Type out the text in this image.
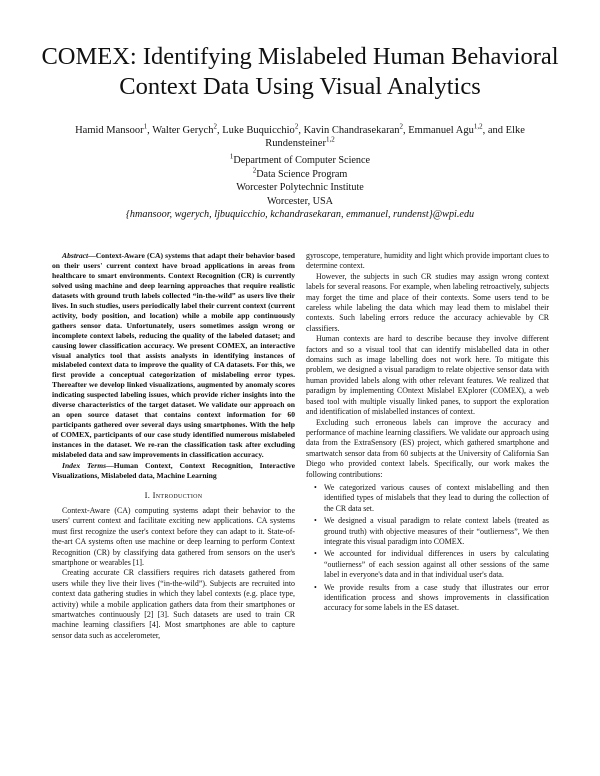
COMEX: Identifying Mislabeled Human Behavioral Context Data Using Visual Analytics
Hamid Mansoor$^1$, Walter Gerych$^2$, Luke Buquicchio$^2$, Kavin Chandrasekaran$^2$, Emmanuel Agu$^{1,2}$, and Elke Rundensteiner$^{1,2}$
$^1$Department of Computer Science
$^2$Data Science Program
Worcester Polytechnic Institute
Worcester, USA
{hmansoor, wgerych, ljbuquicchio, kchandrasekaran, emmanuel, rundenst}@wpi.edu

Abstract—Context-Aware (CA) systems that adapt their behavior based on their users' current context have broad applications in areas from healthcare to smart environments. Context Recognition (CR) is currently solved using machine and deep learning approaches that require realistic datasets with ground truth labels collected “in-the-wild” as users live their lives. In such studies, users periodically label their current context (current activity, body position, and location) while a mobile app continuously gathers sensor data. Unfortunately, users sometimes assign wrong or incomplete context labels, reducing the quality of the labeled dataset; and causing lower classification accuracy. We present COMEX, an interactive visual analytics tool that assists analysts in identifying instances of mislabeled context data to improve the quality of CA datasets. For this, we first provide a conceptual categorization of mislabeling error types. Thereafter we develop linked visualizations, augmented by anomaly scores indicating suspected labeling issues, which provide richer insights into the diverse characteristics of the target dataset. We validate our approach on an open source dataset that contains context information for 60 participants gathered over several days using smartphones. With the help of COMEX, participants of our case study identified numerous mislabeled instances in the dataset. We re-ran the classification task after excluding mislabeled data and saw improvements in classification accuracy.

Index Terms—Human Context, Context Recognition, Interactive Visualizations, Mislabeled data, Machine Learning

I. Introduction

Context-Aware (CA) computing systems adapt their behavior to the users' current context and facilitate exciting new applications. CA systems must first recognize the user's context before they can adapt to it. State-of-the-art CA systems often use machine or deep learning to perform Context Recognition (CR) by classifying data gathered from sensors on the user's smartphone or wearables [1].

Creating accurate CR classifiers requires rich datasets gathered from users while they live their lives (“in-the-wild”). Subjects are recruited into context data gathering studies in which they label contexts (e.g. place type, activity) while a mobile application gathers data from their smartphones or smartwatches continuously [2] [3]. Such datasets are used to train CR machine learning classifiers [4]. Most smartphones are able to capture sensor data such as accelerometer,

gyroscope, temperature, humidity and light which provide important clues to determine context.

However, the subjects in such CR studies may assign wrong context labels for several reasons. For example, when labeling retroactively, subjects may forget the time and place of their contexts. Some users tend to be careless while labeling the data which may lead them to mislabel their contexts. Such labeling errors reduce the accuracy achievable by CR classifiers.

Human contexts are hard to describe because they involve different factors and so a visual tool that can identify mislabelled data in other domains such as image labelling does not work here. To mitigate this problem, we designed a visual paradigm to relate objective sensor data with human provided labels along with other relevant features. We realized that paradigm by implementing COntext Mislabel EXplorer (COMEX), a web based tool with multiple visually linked panes, to support the exploration and identification of mislabelled instances of context.

Excluding such erroneous labels can improve the accuracy and performance of machine learning classifiers. We validate our approach using data from the ExtraSensory (ES) project, which gathered smartphone and smartwatch sensor data from 60 subjects at the University of California San Diego who provided context labels. Specifically, our work makes the following contributions:

• We categorized various causes of context mislabelling and then identified types of mislabels that they lead to during the collection of the CR data set.
• We designed a visual paradigm to relate context labels (treated as ground truth) with objective measures of their “outlierness”, We then integrate this visual paradigm into COMEX.
• We accounted for individual differences in users by calculating “outlierness” of each session against all other sessions of the same label in everyone's data and in that individual user's data.
• We provide results from a case study that illustrates our error identification process and shows improvements in classification accuracy for some labels in the ES dataset.
